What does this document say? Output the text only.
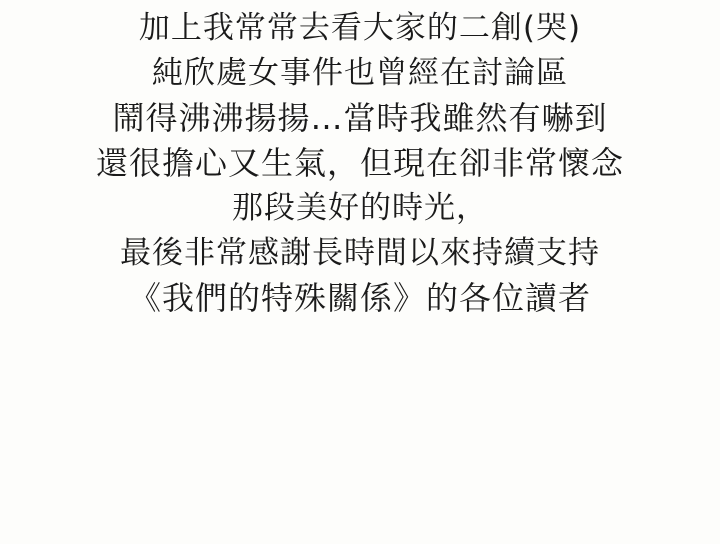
加上我常常去看大家的二創(哭)
純欣處女事件也曾經在討論區
鬧得沸沸揚揚…當時我雖然有嚇到
還很擔心又生氣，但現在卻非常懷念
那段美好的時光，
最後非常感謝長時間以來持續支持
《我們的特殊關係》的各位讀者
